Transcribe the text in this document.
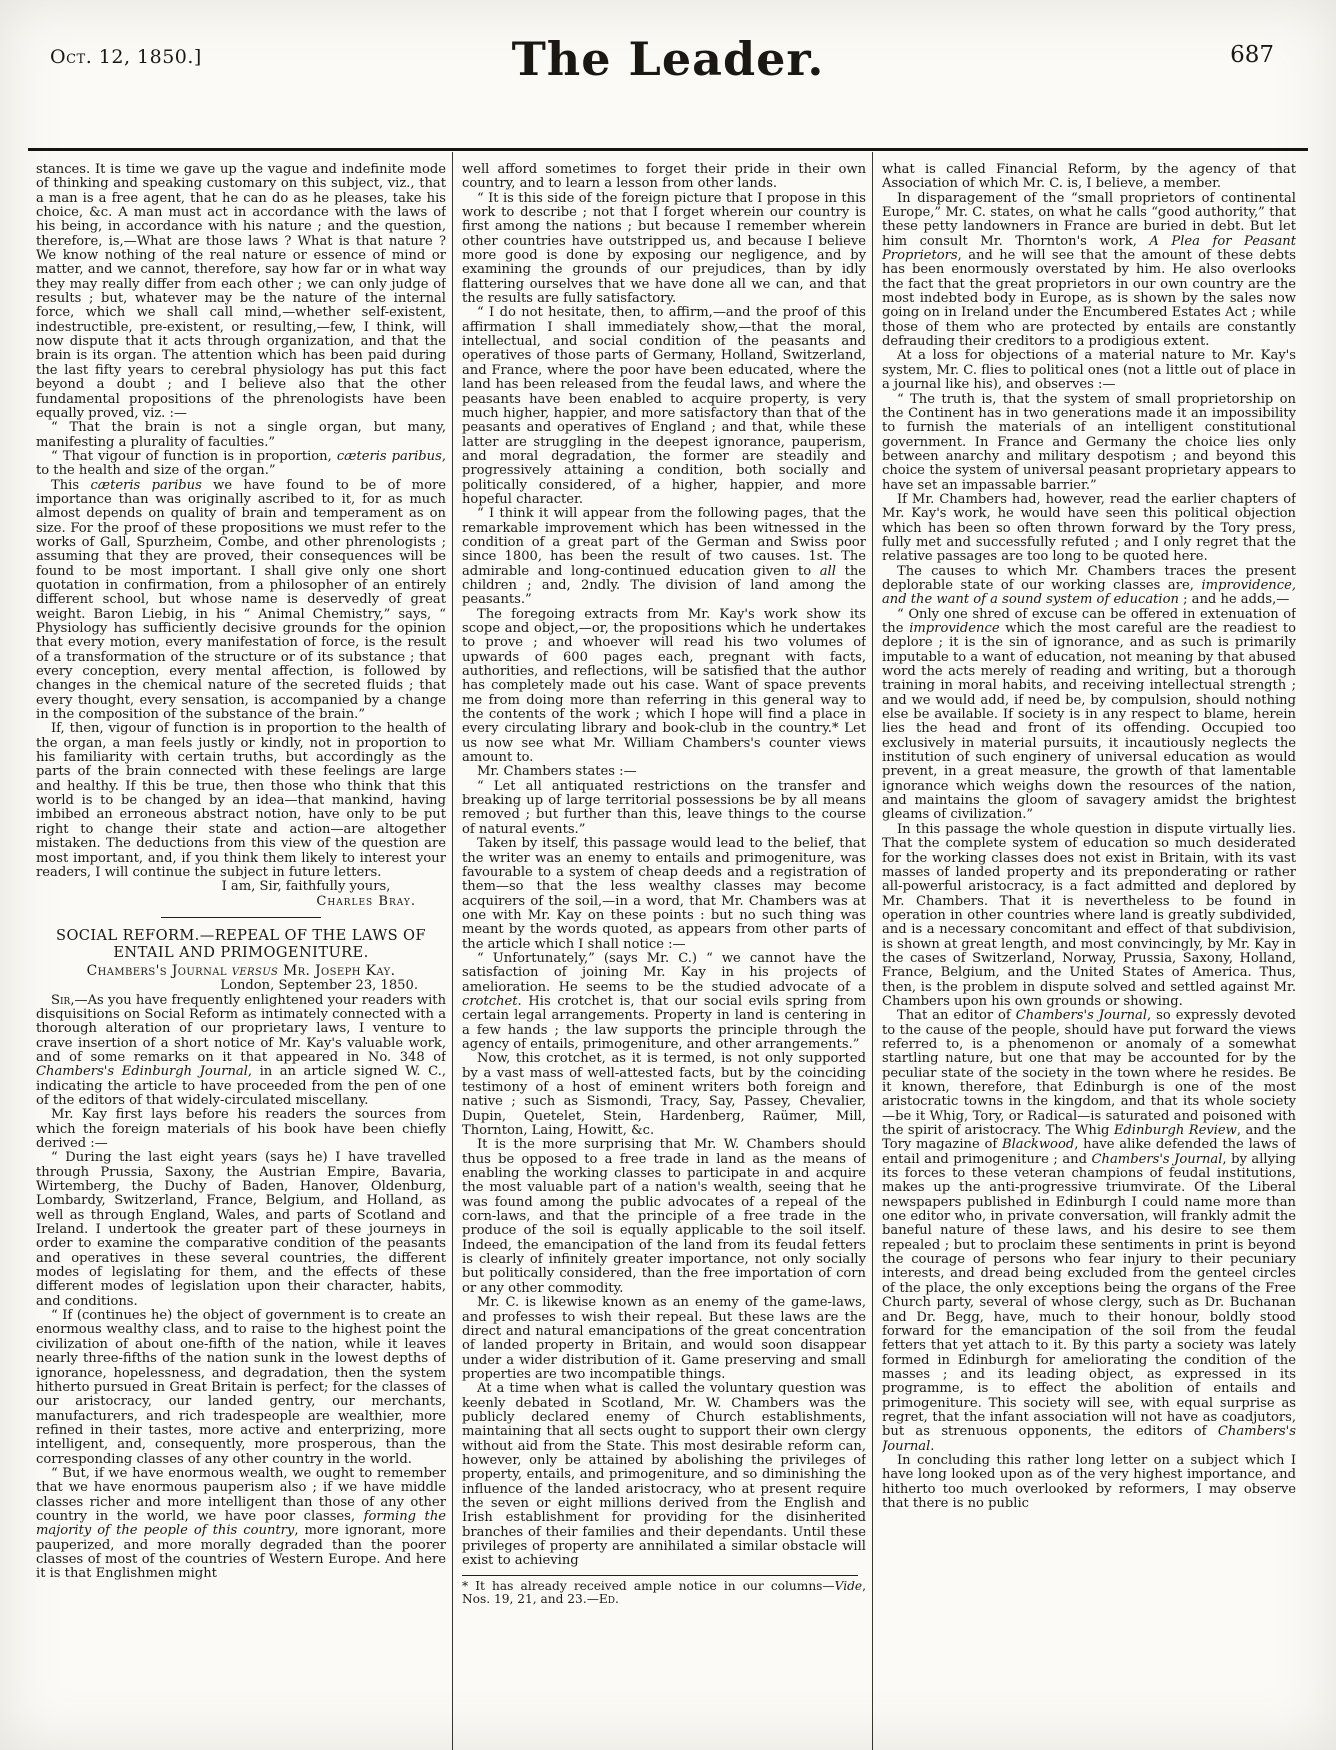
Oct. 12, 1850.]	The Leader.	687

stances. It is time we gave up the vague and indefinite mode of thinking and speaking customary on this subject, viz., that a man is a free agent, that he can do as he pleases, take his choice, &c. A man must act in accordance with the laws of his being, in accordance with his nature ; and the question, therefore, is,—What are those laws ? What is that nature ? We know nothing of the real nature or essence of mind or matter, and we cannot, therefore, say how far or in what way they may really differ from each other ; we can only judge of results ; but, whatever may be the nature of the internal force, which we shall call mind,—whether self-existent, indestructible, pre-existent, or resulting,—few, I think, will now dispute that it acts through organization, and that the brain is its organ. The attention which has been paid during the last fifty years to cerebral physiology has put this fact beyond a doubt ; and I believe also that the other fundamental propositions of the phrenologists have been equally proved, viz. :—

“ That the brain is not a single organ, but many, manifesting a plurality of faculties.”

“ That vigour of function is in proportion, cæteris paribus, to the health and size of the organ.”

This cæteris paribus we have found to be of more importance than was originally ascribed to it, for as much almost depends on quality of brain and temperament as on size. For the proof of these propositions we must refer to the works of Gall, Spurzheim, Combe, and other phrenologists ; assuming that they are proved, their consequences will be found to be most important. I shall give only one short quotation in confirmation, from a philosopher of an entirely different school, but whose name is deservedly of great weight. Baron Liebig, in his “ Animal Chemistry,” says, “ Physiology has sufficiently decisive grounds for the opinion that every motion, every manifestation of force, is the result of a transformation of the structure or of its substance ; that every conception, every mental affection, is followed by changes in the chemical nature of the secreted fluids ; that every thought, every sensation, is accompanied by a change in the composition of the substance of the brain.”

If, then, vigour of function is in proportion to the health of the organ, a man feels justly or kindly, not in proportion to his familiarity with certain truths, but accordingly as the parts of the brain connected with these feelings are large and healthy. If this be true, then those who think that this world is to be changed by an idea—that mankind, having imbibed an erroneous abstract notion, have only to be put right to change their state and action—are altogether mistaken. The deductions from this view of the question are most important, and, if you think them likely to interest your readers, I will continue the subject in future letters.

I am, Sir, faithfully yours,

Charles Bray.

SOCIAL REFORM.—REPEAL OF THE LAWS OF ENTAIL AND PRIMOGENITURE.

Chambers's Journal versus Mr. Joseph Kay.

London, September 23, 1850.

Sir,—As you have frequently enlightened your readers with disquisitions on Social Reform as intimately connected with a thorough alteration of our proprietary laws, I venture to crave insertion of a short notice of Mr. Kay's valuable work, and of some remarks on it that appeared in No. 348 of Chambers's Edinburgh Journal, in an article signed W. C., indicating the article to have proceeded from the pen of one of the editors of that widely-circulated miscellany.

Mr. Kay first lays before his readers the sources from which the foreign materials of his book have been chiefly derived :—

“ During the last eight years (says he) I have travelled through Prussia, Saxony, the Austrian Empire, Bavaria, Wirtemberg, the Duchy of Baden, Hanover, Oldenburg, Lombardy, Switzerland, France, Belgium, and Holland, as well as through England, Wales, and parts of Scotland and Ireland. I undertook the greater part of these journeys in order to examine the comparative condition of the peasants and operatives in these several countries, the different modes of legislating for them, and the effects of these different modes of legislation upon their character, habits, and conditions.

“ If (continues he) the object of government is to create an enormous wealthy class, and to raise to the highest point the civilization of about one-fifth of the nation, while it leaves nearly three-fifths of the nation sunk in the lowest depths of ignorance, hopelessness, and degradation, then the system hitherto pursued in Great Britain is perfect; for the classes of our aristocracy, our landed gentry, our merchants, manufacturers, and rich tradespeople are wealthier, more refined in their tastes, more active and enterprizing, more intelligent, and, consequently, more prosperous, than the corresponding classes of any other country in the world.

“ But, if we have enormous wealth, we ought to remember that we have enormous pauperism also ; if we have middle classes richer and more intelligent than those of any other country in the world, we have poor classes, forming the majority of the people of this country, more ignorant, more pauperized, and more morally degraded than the poorer classes of most of the countries of Western Europe. And here it is that Englishmen might

well afford sometimes to forget their pride in their own country, and to learn a lesson from other lands.

“ It is this side of the foreign picture that I propose in this work to describe ; not that I forget wherein our country is first among the nations ; but because I remember wherein other countries have outstripped us, and because I believe more good is done by exposing our negligence, and by examining the grounds of our prejudices, than by idly flattering ourselves that we have done all we can, and that the results are fully satisfactory.

“ I do not hesitate, then, to affirm,—and the proof of this affirmation I shall immediately show,—that the moral, intellectual, and social condition of the peasants and operatives of those parts of Germany, Holland, Switzerland, and France, where the poor have been educated, where the land has been released from the feudal laws, and where the peasants have been enabled to acquire property, is very much higher, happier, and more satisfactory than that of the peasants and operatives of England ; and that, while these latter are struggling in the deepest ignorance, pauperism, and moral degradation, the former are steadily and progressively attaining a condition, both socially and politically considered, of a higher, happier, and more hopeful character.

“ I think it will appear from the following pages, that the remarkable improvement which has been witnessed in the condition of a great part of the German and Swiss poor since 1800, has been the result of two causes. 1st. The admirable and long-continued education given to all the children ; and, 2ndly. The division of land among the peasants.”

The foregoing extracts from Mr. Kay's work show its scope and object,—or, the propositions which he undertakes to prove ; and whoever will read his two volumes of upwards of 600 pages each, pregnant with facts, authorities, and reflections, will be satisfied that the author has completely made out his case. Want of space prevents me from doing more than referring in this general way to the contents of the work ; which I hope will find a place in every circulating library and book-club in the country.* Let us now see what Mr. William Chambers's counter views amount to.

Mr. Chambers states :—

“ Let all antiquated restrictions on the transfer and breaking up of large territorial possessions be by all means removed ; but further than this, leave things to the course of natural events.”

Taken by itself, this passage would lead to the belief, that the writer was an enemy to entails and primogeniture, was favourable to a system of cheap deeds and a registration of them—so that the less wealthy classes may become acquirers of the soil,—in a word, that Mr. Chambers was at one with Mr. Kay on these points : but no such thing was meant by the words quoted, as appears from other parts of the article which I shall notice :—

“ Unfortunately,” (says Mr. C.) “ we cannot have the satisfaction of joining Mr. Kay in his projects of amelioration. He seems to be the studied advocate of a crotchet. His crotchet is, that our social evils spring from certain legal arrangements. Property in land is centering in a few hands ; the law supports the principle through the agency of entails, primogeniture, and other arrangements.”

Now, this crotchet, as it is termed, is not only supported by a vast mass of well-attested facts, but by the coinciding testimony of a host of eminent writers both foreign and native ; such as Sismondi, Tracy, Say, Passey, Chevalier, Dupin, Quetelet, Stein, Hardenberg, Raümer, Mill, Thornton, Laing, Howitt, &c.

It is the more surprising that Mr. W. Chambers should thus be opposed to a free trade in land as the means of enabling the working classes to participate in and acquire the most valuable part of a nation's wealth, seeing that he was found among the public advocates of a repeal of the corn-laws, and that the principle of a free trade in the produce of the soil is equally applicable to the soil itself. Indeed, the emancipation of the land from its feudal fetters is clearly of infinitely greater importance, not only socially but politically considered, than the free importation of corn or any other commodity.

Mr. C. is likewise known as an enemy of the game-laws, and professes to wish their repeal. But these laws are the direct and natural emancipations of the great concentration of landed property in Britain, and would soon disappear under a wider distribution of it. Game preserving and small properties are two incompatible things.

At a time when what is called the voluntary question was keenly debated in Scotland, Mr. W. Chambers was the publicly declared enemy of Church establishments, maintaining that all sects ought to support their own clergy without aid from the State. This most desirable reform can, however, only be attained by abolishing the privileges of property, entails, and primogeniture, and so diminishing the influence of the landed aristocracy, who at present require the seven or eight millions derived from the English and Irish establishment for providing for the disinherited branches of their families and their dependants. Until these privileges of property are annihilated a similar obstacle will exist to achieving

* It has already received ample notice in our columns—Vide, Nos. 19, 21, and 23.—Ed.

what is called Financial Reform, by the agency of that Association of which Mr. C. is, I believe, a member.

In disparagement of the “small proprietors of continental Europe,” Mr. C. states, on what he calls “good authority,” that these petty landowners in France are buried in debt. But let him consult Mr. Thornton's work, A Plea for Peasant Proprietors, and he will see that the amount of these debts has been enormously overstated by him. He also overlooks the fact that the great proprietors in our own country are the most indebted body in Europe, as is shown by the sales now going on in Ireland under the Encumbered Estates Act ; while those of them who are protected by entails are constantly defrauding their creditors to a prodigious extent.

At a loss for objections of a material nature to Mr. Kay's system, Mr. C. flies to political ones (not a little out of place in a journal like his), and observes :—

“ The truth is, that the system of small proprietorship on the Continent has in two generations made it an impossibility to furnish the materials of an intelligent constitutional government. In France and Germany the choice lies only between anarchy and military despotism ; and beyond this choice the system of universal peasant proprietary appears to have set an impassable barrier.”

If Mr. Chambers had, however, read the earlier chapters of Mr. Kay's work, he would have seen this political objection which has been so often thrown forward by the Tory press, fully met and successfully refuted ; and I only regret that the relative passages are too long to be quoted here.

The causes to which Mr. Chambers traces the present deplorable state of our working classes are, improvidence, and the want of a sound system of education ; and he adds,—

“ Only one shred of excuse can be offered in extenuation of the improvidence which the most careful are the readiest to deplore ; it is the sin of ignorance, and as such is primarily imputable to a want of education, not meaning by that abused word the acts merely of reading and writing, but a thorough training in moral habits, and receiving intellectual strength ; and we would add, if need be, by compulsion, should nothing else be available. If society is in any respect to blame, herein lies the head and front of its offending. Occupied too exclusively in material pursuits, it incautiously neglects the institution of such enginery of universal education as would prevent, in a great measure, the growth of that lamentable ignorance which weighs down the resources of the nation, and maintains the gloom of savagery amidst the brightest gleams of civilization.”

In this passage the whole question in dispute virtually lies. That the complete system of education so much desiderated for the working classes does not exist in Britain, with its vast masses of landed property and its preponderating or rather all-powerful aristocracy, is a fact admitted and deplored by Mr. Chambers. That it is nevertheless to be found in operation in other countries where land is greatly subdivided, and is a necessary concomitant and effect of that subdivision, is shown at great length, and most convincingly, by Mr. Kay in the cases of Switzerland, Norway, Prussia, Saxony, Holland, France, Belgium, and the United States of America. Thus, then, is the problem in dispute solved and settled against Mr. Chambers upon his own grounds or showing.

That an editor of Chambers's Journal, so expressly devoted to the cause of the people, should have put forward the views referred to, is a phenomenon or anomaly of a somewhat startling nature, but one that may be accounted for by the peculiar state of the society in the town where he resides. Be it known, therefore, that Edinburgh is one of the most aristocratic towns in the kingdom, and that its whole society—be it Whig, Tory, or Radical—is saturated and poisoned with the spirit of aristocracy. The Whig Edinburgh Review, and the Tory magazine of Blackwood, have alike defended the laws of entail and primogeniture ; and Chambers's Journal, by allying its forces to these veteran champions of feudal institutions, makes up the anti-progressive triumvirate. Of the Liberal newspapers published in Edinburgh I could name more than one editor who, in private conversation, will frankly admit the baneful nature of these laws, and his desire to see them repealed ; but to proclaim these sentiments in print is beyond the courage of persons who fear injury to their pecuniary interests, and dread being excluded from the genteel circles of the place, the only exceptions being the organs of the Free Church party, several of whose clergy, such as Dr. Buchanan and Dr. Begg, have, much to their honour, boldly stood forward for the emancipation of the soil from the feudal fetters that yet attach to it. By this party a society was lately formed in Edinburgh for ameliorating the condition of the masses ; and its leading object, as expressed in its programme, is to effect the abolition of entails and primogeniture. This society will see, with equal surprise as regret, that the infant association will not have as coadjutors, but as strenuous opponents, the editors of Chambers's Journal.

In concluding this rather long letter on a subject which I have long looked upon as of the very highest importance, and hitherto too much overlooked by reformers, I may observe that there is no public
